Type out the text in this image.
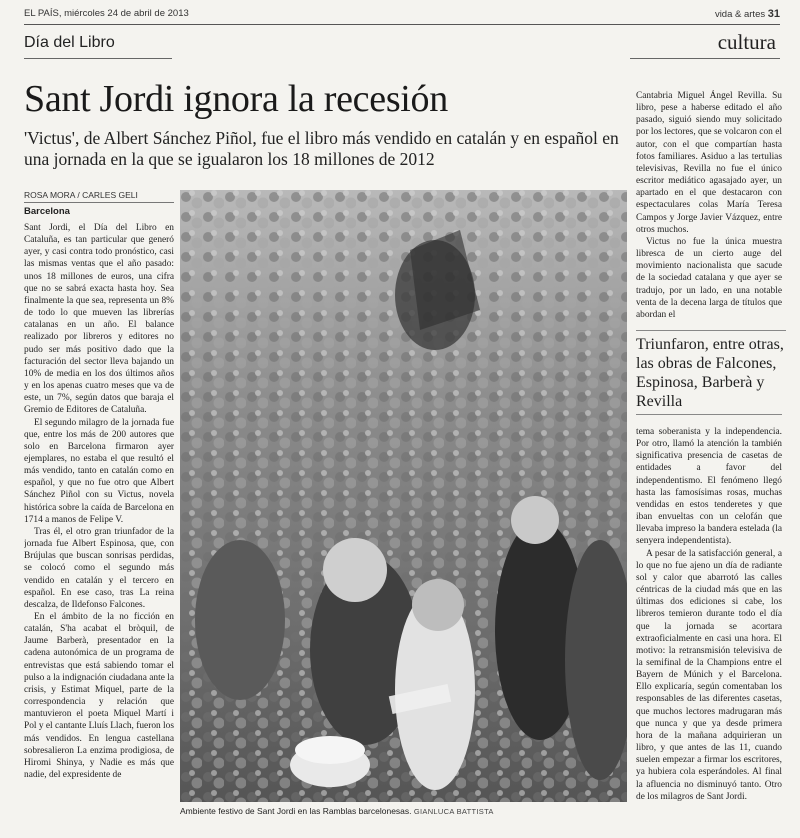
EL PAÍS, miércoles 24 de abril de 2013	vida & artes 31
Día del Libro	cultura
Sant Jordi ignora la recesión
'Victus', de Albert Sánchez Piñol, fue el libro más vendido en catalán y en español en una jornada en la que se igualaron los 18 millones de 2012
ROSA MORA / CARLES GELI
Barcelona

Sant Jordi, el Día del Libro en Cataluña, es tan particular que generó ayer, y casi contra todo pronóstico, casi las mismas ventas que el año pasado: unos 18 millones de euros, una cifra que no se sabrá exacta hasta hoy. Sea finalmente la que sea, representa un 8% de todo lo que mueven las librerías catalanas en un año. El balance realizado por libreros y editores no pudo ser más positivo dado que la facturación del sector lleva bajando un 10% de media en los dos últimos años y en los apenas cuatro meses que va de este, un 7%, según datos que baraja el Gremio de Editores de Cataluña.

El segundo milagro de la jornada fue que, entre los más de 200 autores que solo en Barcelona firmaron ayer ejemplares, no estaba el que resultó el más vendido, tanto en catalán como en español, y que no fue otro que Albert Sánchez Piñol con su Victus, novela histórica sobre la caída de Barcelona en 1714 a manos de Felipe V.

Tras él, el otro gran triunfador de la jornada fue Albert Espinosa, que, con Brújulas que buscan sonrisas perdidas, se colocó como el segundo más vendido en catalán y el tercero en español. En ese caso, tras La reina descalza, de Ildefonso Falcones.

En el ámbito de la no ficción en catalán, S'ha acabat el bròquil, de Jaume Barberà, presentador en la cadena autonómica de un programa de entrevistas que está sabiendo tomar el pulso a la indignación ciudadana ante la crisis, y Estimat Miquel, parte de la correspondencia y relación que mantuvieron el poeta Miquel Martí i Pol y el cantante Lluís Llach, fueron los más vendidos. En lengua castellana sobresalieron La enzima prodigiosa, de Hiromi Shinya, y Nadie es más que nadie, del expresidente de

Ambiente festivo de Sant Jordi en las Ramblas barcelonesas. GIANLUCA BATTISTA

Cantabria Miguel Ángel Revilla. Su libro, pese a haberse editado el año pasado, siguió siendo muy solicitado por los lectores, que se volcaron con el autor, con el que compartían hasta fotos familiares. Asiduo a las tertulias televisivas, Revilla no fue el único escritor mediático agasajado ayer, un apartado en el que destacaron con espectaculares colas María Teresa Campos y Jorge Javier Vázquez, entre otros muchos.

Victus no fue la única muestra libresca de un cierto auge del movimiento nacionalista que sacude de la sociedad catalana y que ayer se tradujo, por un lado, en una notable venta de la decena larga de títulos que abordan el

Triunfaron, entre otras, las obras de Falcones, Espinosa, Barberà y Revilla

tema soberanista y la independencia. Por otro, llamó la atención la también significativa presencia de casetas de entidades a favor del independentismo. El fenómeno llegó hasta las famosísimas rosas, muchas vendidas en estos tenderetes y que iban envueltas con un celofán que llevaba impreso la bandera estelada (la senyera independentista).

A pesar de la satisfacción general, a lo que no fue ajeno un día de radiante sol y calor que abarrotó las calles céntricas de la ciudad más que en las últimas dos ediciones si cabe, los libreros temieron durante todo el día que la jornada se acortara extraoficialmente en casi una hora. El motivo: la retransmisión televisiva de la semifinal de la Champions entre el Bayern de Múnich y el Barcelona. Ello explicaría, según comentaban los responsables de las diferentes casetas, que muchos lectores madrugaran más que nunca y que ya desde primera hora de la mañana adquirieran un libro, y que antes de las 11, cuando suelen empezar a firmar los escritores, ya hubiera cola esperándoles. Al final la afluencia no disminuyó tanto. Otro de los milagros de Sant Jordi.
